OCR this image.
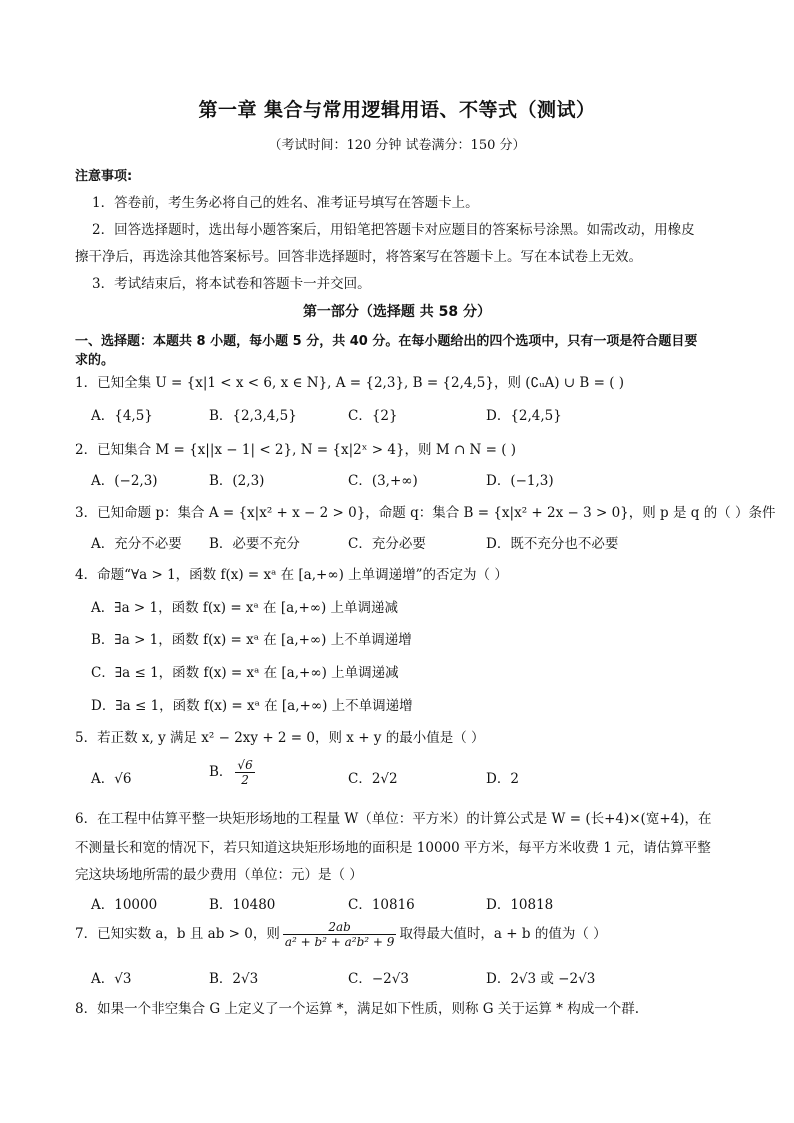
第一章 集合与常用逻辑用语、不等式（测试）
（考试时间：120 分钟 试卷满分：150 分）
注意事项:
1．答卷前，考生务必将自己的姓名、准考证号填写在答题卡上。
2．回答选择题时，选出每小题答案后，用铅笔把答题卡对应题目的答案标号涂黑。如需改动，用橡皮
擦干净后，再选涂其他答案标号。回答非选择题时，将答案写在答题卡上。写在本试卷上无效。
3．考试结束后，将本试卷和答题卡一并交回。
第一部分（选择题 共 58 分）
一、选择题：本题共 8 小题，每小题 5 分，共 40 分。在每小题给出的四个选项中，只有一项是符合题目要
求的。
1．已知全集 U = {x|1 < x < 6, x ∈ N}, A = {2,3}, B = {2,4,5}，则 (∁ᵤA) ∪ B = ( )
A．{4,5}	B．{2,3,4,5}	C．{2}	D．{2,4,5}
2．已知集合 M = {x||x − 1| < 2}, N = {x|2ˣ > 4}，则 M ∩ N = ( )
A．(−2,3)	B．(2,3)	C．(3,+∞)	D．(−1,3)
3．已知命题 p：集合 A = {x|x² + x − 2 > 0}，命题 q：集合 B = {x|x² + 2x − 3 > 0}，则 p 是 q 的（ ）条件
A．充分不必要 B．必要不充分	C．充分必要	D．既不充分也不必要
4．命题“∀a > 1，函数 f(x) = xᵃ 在 [a,+∞) 上单调递增”的否定为（ ）
A．∃a > 1，函数 f(x) = xᵃ 在 [a,+∞) 上单调递减
B．∃a > 1，函数 f(x) = xᵃ 在 [a,+∞) 上不单调递增
C．∃a ≤ 1，函数 f(x) = xᵃ 在 [a,+∞) 上单调递减
D．∃a ≤ 1，函数 f(x) = xᵃ 在 [a,+∞) 上不单调递增
5．若正数 x, y 满足 x² − 2xy + 2 = 0，则 x + y 的最小值是（ ）
A．√6	B． $\frac{√6}{2}$	C．2√2	D．2
6．在工程中估算平整一块矩形场地的工程量 W（单位：平方米）的计算公式是 W = (长+4)×(宽+4)，在
不测量长和宽的情况下，若只知道这块矩形场地的面积是 10000 平方米，每平方米收费 1 元，请估算平整
完这块场地所需的最少费用（单位：元）是（ ）
A．10000	B．10480	C．10816	D．10818
7．已知实数 a，b 且 ab > 0，则 $\frac{2ab}{\text{a² + b² + a²b² + 9}}$ 取得最大值时，a + b 的值为（ ）
A．√3	B．2√3	C．−2√3	D．2√3 或 −2√3
8．如果一个非空集合 G 上定义了一个运算 *，满足如下性质，则称 G 关于运算 * 构成一个群.
